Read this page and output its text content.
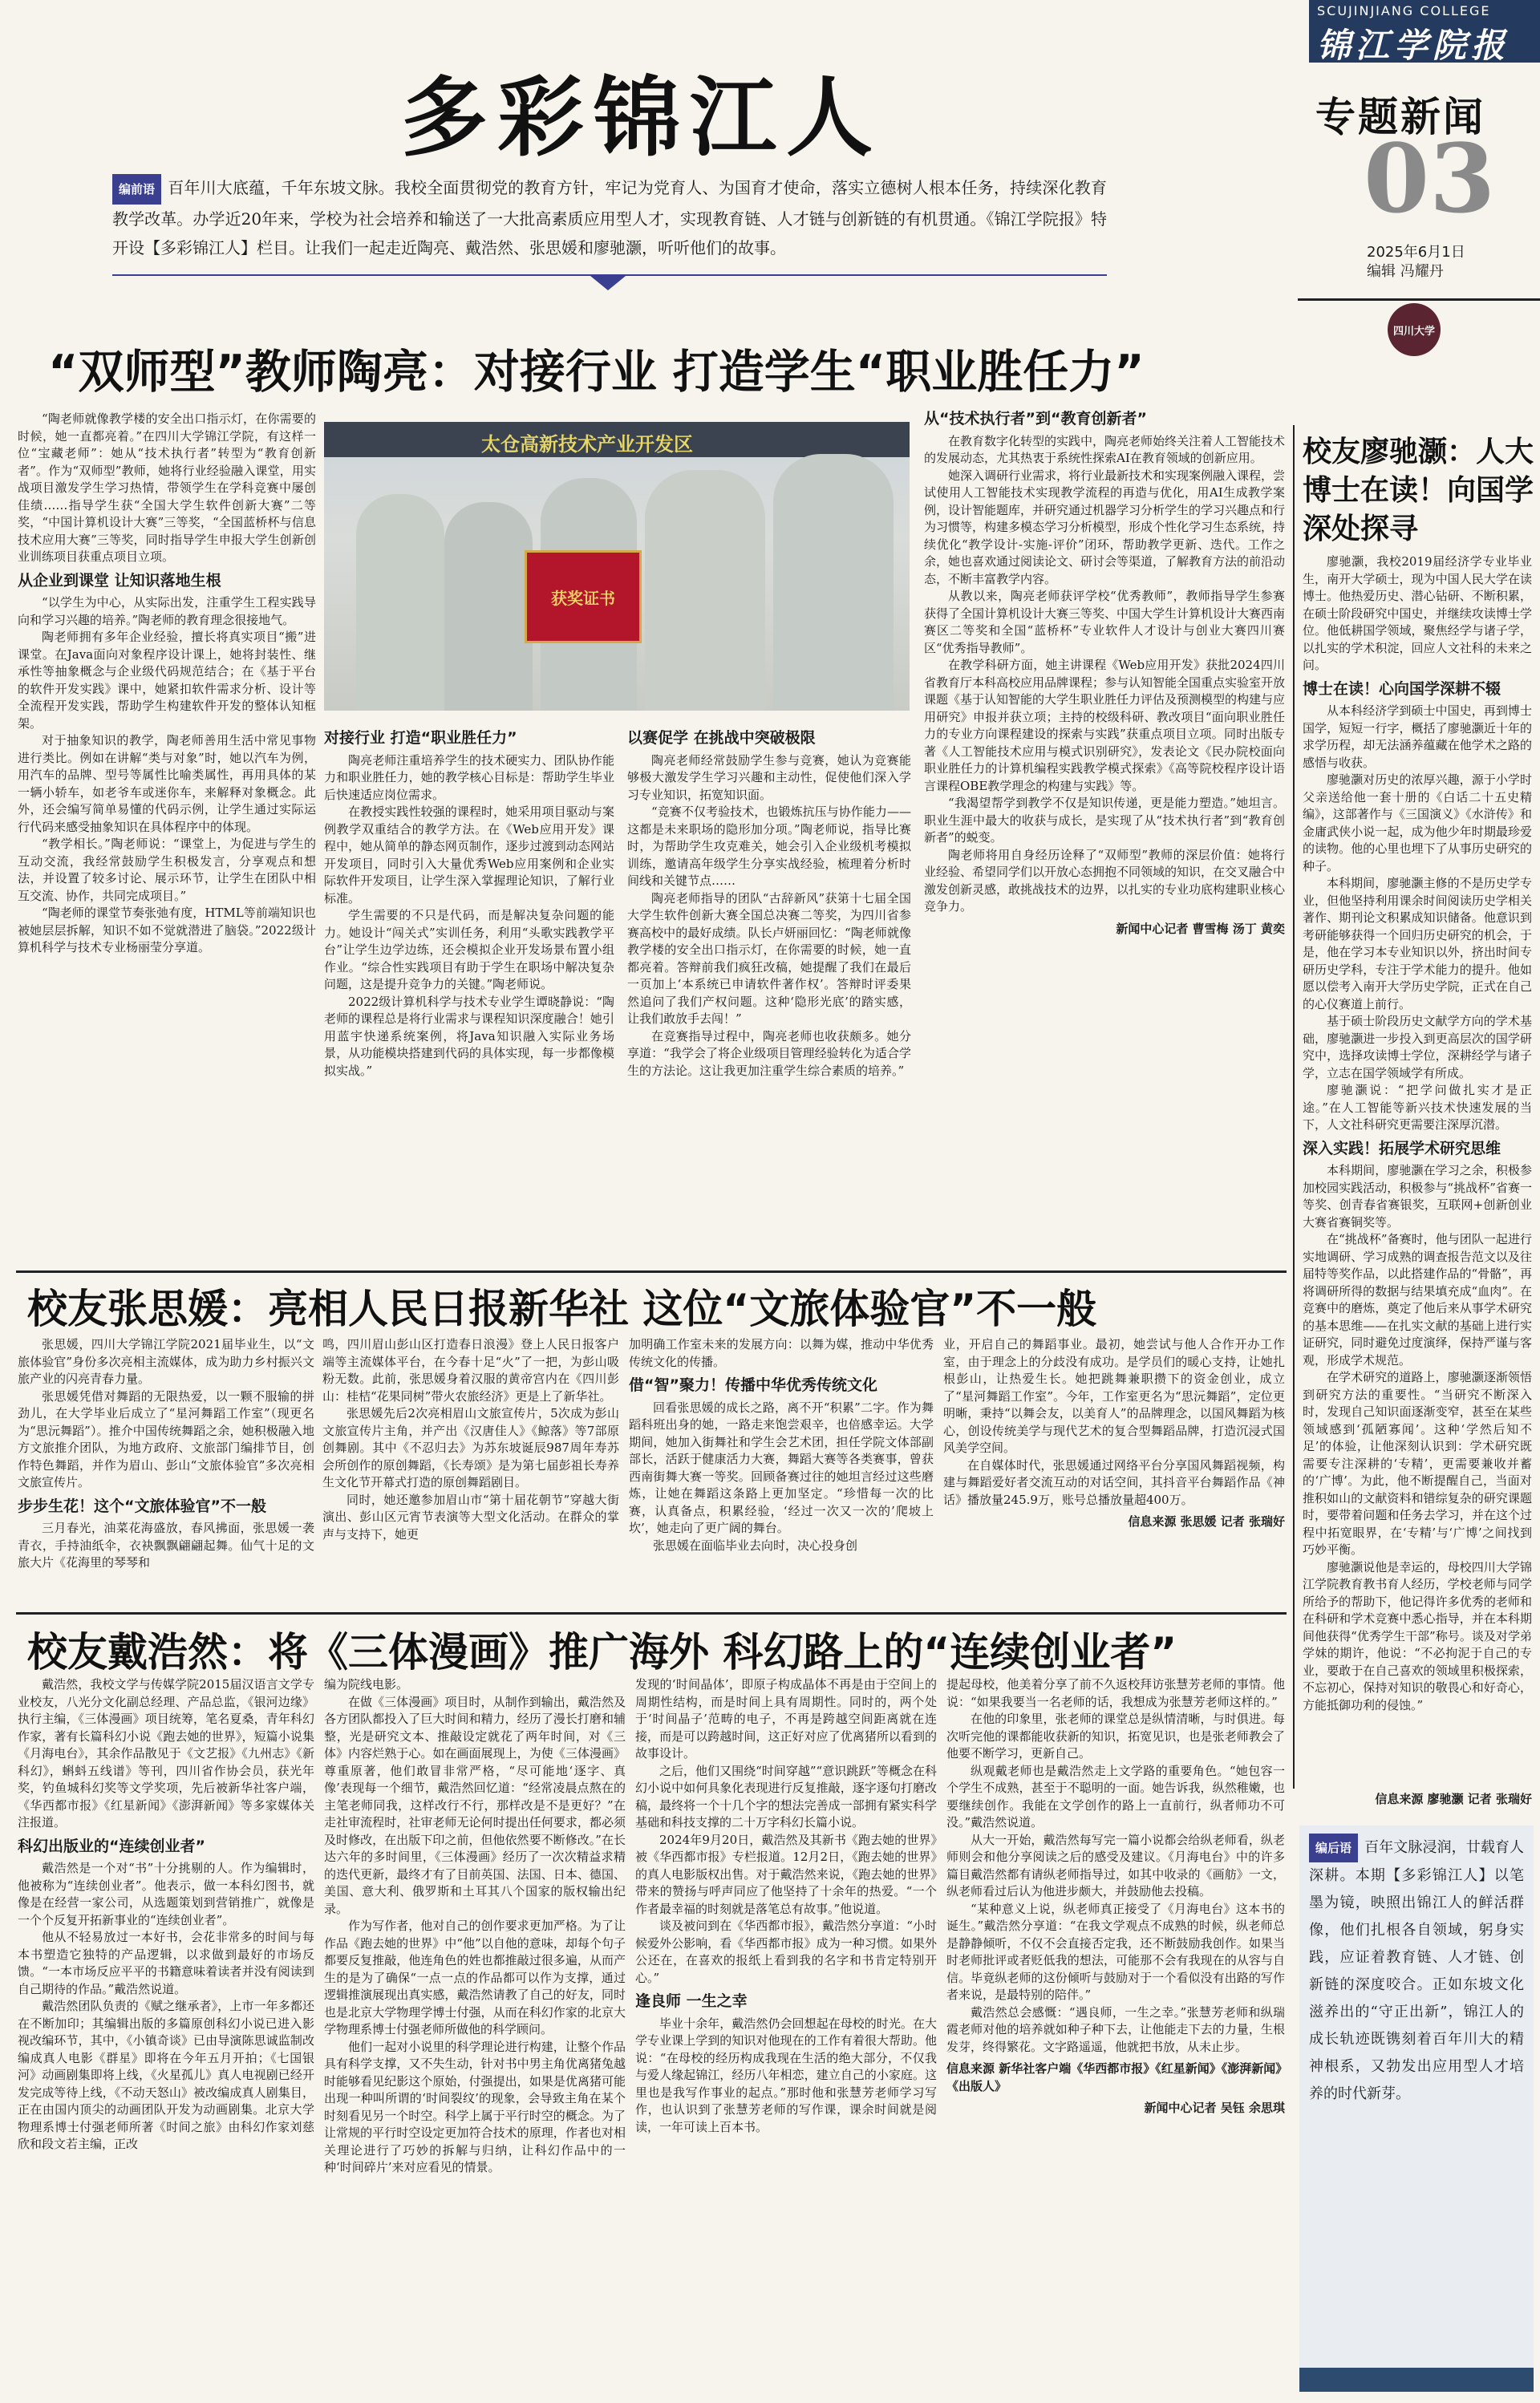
SCUJINJIANG COLLEGE
锦江学院报
专题新闻
03
2025年6月1日
编辑 冯耀丹
四川大学
多彩锦江人
编前语 百年川大底蕴，千年东坡文脉。我校全面贯彻党的教育方针，牢记为党育人、为国育才使命，落实立德树人根本任务，持续深化教育教学改革。办学近20年来，学校为社会培养和输送了一大批高素质应用型人才，实现教育链、人才链与创新链的有机贯通。《锦江学院报》特开设【多彩锦江人】栏目。让我们一起走近陶亮、戴浩然、张思媛和廖驰灏，听听他们的故事。
“双师型”教师陶亮：对接行业 打造学生“职业胜任力”

“陶老师就像教学楼的安全出口指示灯，在你需要的时候，她一直都亮着。”在四川大学锦江学院，有这样一位“宝藏老师”：她从“技术执行者”转型为“教育创新者”。作为“双师型”教师，她将行业经验融入课堂，用实战项目激发学生学习热情，带领学生在学科竞赛中屡创佳绩……指导学生获“全国大学生软件创新大赛”二等奖，“中国计算机设计大赛”三等奖，“全国蓝桥杯与信息技术应用大赛”三等奖，同时指导学生申报大学生创新创业训练项目获重点项目立项。

从企业到课堂 让知识落地生根

“以学生为中心，从实际出发，注重学生工程实践导向和学习兴趣的培养。”陶老师的教育理念很接地气。

陶老师拥有多年企业经验，擅长将真实项目“搬”进课堂。在Java面向对象程序设计课上，她将封装性、继承性等抽象概念与企业级代码规范结合；在《基于平台的软件开发实践》课中，她紧扣软件需求分析、设计等全流程开发实践，帮助学生构建软件开发的整体认知框架。

对于抽象知识的教学，陶老师善用生活中常见事物进行类比。例如在讲解“类与对象”时，她以汽车为例，用汽车的品牌、型号等属性比喻类属性，再用具体的某一辆小轿车，如老爷车或迷你车，来解释对象概念。此外，还会编写简单易懂的代码示例，让学生通过实际运行代码来感受抽象知识在具体程序中的体现。

“教学相长。”陶老师说：“课堂上，为促进与学生的互动交流，我经常鼓励学生积极发言，分享观点和想法，并设置了较多讨论、展示环节，让学生在团队中相互交流、协作，共同完成项目。”

“陶老师的课堂节奏张弛有度，HTML等前端知识也被她层层拆解，知识不如不觉就潜进了脑袋。”2022级计算机科学与技术专业杨丽莹分享道。

太仓高新技术产业开发区
获奖证书
对接行业 打造“职业胜任力”

陶亮老师注重培养学生的技术硬实力、团队协作能力和职业胜任力，她的教学核心目标是：帮助学生毕业后快速适应岗位需求。

在教授实践性较强的课程时，她采用项目驱动与案例教学双重结合的教学方法。在《Web应用开发》课程中，她从简单的静态网页制作，逐步过渡到动态网站开发项目，同时引入大量优秀Web应用案例和企业实际软件开发项目，让学生深入掌握理论知识，了解行业标准。

学生需要的不只是代码，而是解决复杂问题的能力。她设计“闯关式”实训任务，利用“头歌实践教学平台”让学生边学边练，还会模拟企业开发场景布置小组作业。“综合性实践项目有助于学生在职场中解决复杂问题，这是提升竞争力的关键。”陶老师说。

2022级计算机科学与技术专业学生谭晓静说：“陶老师的课程总是将行业需求与课程知识深度融合！她引用蓝宇快递系统案例，将Java知识融入实际业务场景，从功能模块搭建到代码的具体实现，每一步都像模拟实战。”

以赛促学 在挑战中突破极限

陶亮老师经常鼓励学生参与竞赛，她认为竞赛能够极大激发学生学习兴趣和主动性，促使他们深入学习专业知识，拓宽知识面。

“竞赛不仅考验技术，也锻炼抗压与协作能力——这都是未来职场的隐形加分项。”陶老师说，指导比赛时，为帮助学生攻克难关，她会引入企业级机考模拟训练，邀请高年级学生分享实战经验，梳理着分析时间线和关键节点……

陶亮老师指导的团队“古辞新风”获第十七届全国大学生软件创新大赛全国总决赛二等奖，为四川省参赛高校中的最好成绩。队长卢妍丽回忆：“陶老师就像教学楼的安全出口指示灯，在你需要的时候，她一直都亮着。答辩前我们疯狂改稿，她提醒了我们在最后一页加上‘本系统已申请软件著作权’。答辩时评委果然追问了我们产权问题。这种‘隐形光底’的踏实感，让我们敢放手去闯！”

在竞赛指导过程中，陶亮老师也收获颇多。她分享道：“我学会了将企业级项目管理经验转化为适合学生的方法论。这让我更加注重学生综合素质的培养。”

从“技术执行者”到“教育创新者”

在教育数字化转型的实践中，陶亮老师始终关注着人工智能技术的发展动态，尤其热衷于系统性探索AI在教育领域的创新应用。

她深入调研行业需求，将行业最新技术和实现案例融入课程，尝试使用人工智能技术实现教学流程的再造与优化，用AI生成教学案例，设计智能题库，并研究通过机器学习分析学生的学习兴趣点和行为习惯等，构建多模态学习分析模型，形成个性化学习生态系统，持续优化“教学设计-实施-评价”闭环，帮助教学更新、迭代。工作之余，她也喜欢通过阅读论文、研讨会等渠道，了解教育方法的前沿动态，不断丰富教学内容。

从教以来，陶亮老师获评学校“优秀教师”，教师指导学生参赛获得了全国计算机设计大赛三等奖、中国大学生计算机设计大赛西南赛区二等奖和全国“蓝桥杯”专业软件人才设计与创业大赛四川赛区“优秀指导教师”。

在教学科研方面，她主讲课程《Web应用开发》获批2024四川省教育厅本科高校应用品牌课程；参与认知智能全国重点实验室开放课题《基于认知智能的大学生职业胜任力评估及预测模型的构建与应用研究》申报并获立项；主持的校级科研、教改项目“面向职业胜任力的专业方向课程建设的探索与实践”获重点项目立项。同时出版专著《人工智能技术应用与模式识别研究》，发表论文《民办院校面向职业胜任力的计算机编程实践教学模式探索》《高等院校程序设计语言课程OBE教学理念的构建与实践》等。

“我渴望帮学到教学不仅是知识传递，更是能力塑造。”她坦言。职业生涯中最大的收获与成长，是实现了从“技术执行者”到“教育创新者”的蜕变。

陶老师将用自身经历诠释了“双师型”教师的深层价值：她将行业经验、希望同学们以开放心态拥抱不同领域的知识，在交叉融合中激发创新灵感，敢挑战技术的边界，以扎实的专业功底构建职业核心竞争力。

新闻中心记者 曹雪梅 汤丁 黄奕
校友张思媛：亮相人民日报新华社 这位“文旅体验官”不一般

张思媛，四川大学锦江学院2021届毕业生，以“文旅体验官”身份多次亮相主流媒体，成为助力乡村振兴文旅产业的闪亮青春力量。

张思媛凭借对舞蹈的无限热爱，以一颗不服输的拼劲儿，在大学毕业后成立了“星河舞蹈工作室”（现更名为“思沅舞蹈”）。推介中国传统舞蹈之余，她积极融入地方文旅推介团队，为地方政府、文旅部门编排节目，创作特色舞蹈，并作为眉山、彭山“文旅体验官”多次亮相文旅宣传片。

步步生花！这个“文旅体验官”不一般

三月春光，油菜花海盛放，春风拂面，张思媛一袭青衣，手持油纸伞，衣袂飘飘翩翩起舞。仙气十足的文旅大片《花海里的琴琴和

鸣，四川眉山彭山区打造春日浪漫》登上人民日报客户端等主流媒体平台，在今春十足“火”了一把，为彭山吸粉无数。此前，张思媛身着汉服的黄帝宫内在《四川彭山：桂桔“花果同树”带火农旅经济》更是上了新华社。

张思媛先后2次亮相眉山文旅宣传片，5次成为彭山文旅宣传片主角，并产出《汉唐佳人》《鲸落》等7部原创舞剧。其中《不忍归去》为苏东坡诞辰987周年寿苏会所创作的原创舞蹈，《长寿颂》是为第七届彭祖长寿养生文化节开幕式打造的原创舞蹈剧目。

同时，她还邀参加眉山市“第十届花朝节”穿越大街演出、彭山区元宵节表演等大型文化活动。在群众的掌声与支持下，她更

加明确工作室未来的发展方向：以舞为媒，推动中华优秀传统文化的传播。

借“智”聚力！传播中华优秀传统文化

回看张思媛的成长之路，离不开“积累”二字。作为舞蹈科班出身的她，一路走来饱尝艰辛，也倍感幸运。大学期间，她加入街舞社和学生会艺术团，担任学院文体部副部长，活跃于健康活力大赛，舞蹈大赛等各类赛事，曾获西南街舞大赛一等奖。回顾备赛过往的她坦言经过这些磨炼，让她在舞蹈这条路上更加坚定。“珍惜每一次的比赛，认真备点，积累经验，‘经过一次又一次的’爬坡上坎’，她走向了更广阔的舞台。

张思媛在面临毕业去向时，决心投身创

业，开启自己的舞蹈事业。最初，她尝试与他人合作开办工作室，由于理念上的分歧没有成功。是学员们的暖心支持，让她扎根彭山，让热爱生长。她把跳舞兼职攒下的资金创业，成立了“星河舞蹈工作室”。今年，工作室更名为“思沅舞蹈”，定位更明晰，秉持“以舞会友，以美育人”的品牌理念，以国风舞蹈为核心，创设传统美学与现代艺术的复合型舞蹈品牌，打造沉浸式国风美学空间。

在自媒体时代，张思媛通过网络平台分享国风舞蹈视频，构建与舞蹈爱好者交流互动的对话空间，其抖音平台舞蹈作品《神话》播放量245.9万，账号总播放量超400万。

信息来源 张思媛 记者 张瑞好
校友戴浩然：将《三体漫画》推广海外 科幻路上的“连续创业者”

戴浩然，我校文学与传媒学院2015届汉语言文学专业校友，八光分文化副总经理、产品总监，《银河边缘》执行主编，《三体漫画》项目统筹，笔名夏桑，青年科幻作家，著有长篇科幻小说《跑去她的世界》，短篇小说集《月海电台》，其余作品散见于《文艺报》《九州志》《新科幻》，蝌蚪五线谱》等刊，四川省作协会员，获光年奖，钓鱼城科幻奖等文学奖项，先后被新华社客户端，《华西都市报》《红星新闻》《澎湃新闻》等多家媒体关注报道。

科幻出版业的“连续创业者”

戴浩然是一个对“书”十分挑剔的人。作为编辑时，他被称为“连续创业者”。他表示，做一本科幻图书，就像是在经营一家公司，从选题策划到营销推广，就像是一个个反复开拓新事业的“连续创业者”。

他从不轻易放过一本好书，会花非常多的时间与每本书塑造它独特的产品逻辑，以求做到最好的市场反馈。“一本市场反应平平的书籍意味着读者并没有阅读到自己期待的作品。”戴浩然说道。

戴浩然团队负责的《赋之继承者》，上市一年多都还在不断加印；其编辑出版的多篇原创科幻小说已进入影视改编环节，其中，《小镇奇谈》已由导演陈思诚监制改编成真人电影《群星》即将在今年五月开拍；《七国银河》动画剧集即将上线，《火星孤儿》真人电视剧已经开发完成等待上线，《不动天怒山》被改编成真人剧集目，正在由国内顶尖的动画团队开发为动画剧集。北京大学物理系博士付强老师所著《时间之旅》由科幻作家刘慈欣和段文若主编，正改

编为院线电影。

在做《三体漫画》项目时，从制作到输出，戴浩然及各方团队都投入了巨大时间和精力，经历了漫长打磨和辅整，光是研究文本、推敲设定就花了两年时间，对《三体》内容烂熟于心。如在画面展现上，为使《三体漫画》尊重原著，他们敢冒非常严格，“尽可能地‘逐字、真像’表现每一个细节，戴浩然回忆道：“经常凌晨点熬在的主笔老师同我，这样改行不行，那样改是不是更好？”在走社审流程时，社审老师无论何时提出任何要求，都必须及时修改，在出版下印之前，但他依然要不断修改。”在长达六年的多时间里，《三体漫画》经历了一次次精益求精的迭代更新，最终才有了目前英国、法国、日本、德国、美国、意大利、俄罗斯和土耳其八个国家的版权输出纪录。

作为写作者，他对自己的创作要求更加严格。为了让作品《跑去她的世界》中“他”以自他的意味，却每个句子都要反复推敲，他连角色的姓也都推敲过很多遍，从而产生的是为了确保“一点一点的作品都可以作为支撑，通过逻辑推演展现出真实感，戴浩然请教了自己的好友，同时也是北京大学物理学博士付强，从而在科幻作家的北京大学物理系博士付强老师所做他的科学顾问。

他们一起对小说里的科学理论进行构建，让整个作品具有科学支撑，又不失生动，针对书中男主角优离猪兔越时能够看见纪影这个原始，付强提出，如果是优离猪可能出现一种叫所谓的‘时间裂纹’的现象，会导致主角在某个时刻看见另一个时空。科学上属于平行时空的概念。为了让常规的平行时空设定更加符合技术的原理，作者也对相关理论进行了巧妙的拆解与归纳，让科幻作品中的一种‘时间碎片’来对应看见的情景。

发现的‘时间晶体’，即原子构成晶体不再是由于空间上的周期性结构，而是时间上具有周期性。同时的，两个处于‘时间晶子’范畴的电子，不再是跨越空间距离就在连接，而是可以跨越时间，这正好对应了优离猪所以看到的故事设计。

之后，他们又围绕“时间穿越”“意识跳跃”等概念在科幻小说中如何具象化表现进行反复推敲，逐字逐句打磨改稿，最终将一个十几个字的想法完善成一部拥有紧实科学基础和科技支撑的二十万字科幻长篇小说。

2024年9月20日，戴浩然及其新书《跑去她的世界》被《华西都市报》专栏报道。12月2日，《跑去她的世界》的真人电影版权出售。对于戴浩然来说，《跑去她的世界》带来的赞扬与呼声同应了他坚持了十余年的热爱。“一个作者最幸福的时刻就是落笔总有故事。”他说道。

谈及被问到在《华西都市报》，戴浩然分享道：“小时候爱外公影响，看《华西都市报》成为一种习惯。如果外公还在，在喜欢的报纸上看到我的名字和书肯定特别开心。”

逢良师 一生之幸

毕业十余年，戴浩然仍会回想起在母校的时光。在大学专业课上学到的知识对他现在的工作有着很大帮助。他说：“在母校的经历构成我现在生活的绝大部分，不仅我与爱人缘起锦江，经历八年相恋，建立自己的小家庭。这里也是我写作事业的起点。”那时他和张慧芳老师学习写作，也认识到了张慧芳老师的写作课，课余时间就是阅读，一年可读上百本书。

提起母校，他美着分享了前不久返校拜访张慧芳老师的事情。他说：“如果我要当一名老师的话，我想成为张慧芳老师这样的。”

在他的印象里，张老师的课堂总是纵情清晰，与时俱进。每次听完他的课都能收获新的知识，拓宽见识，也是张老师教会了他要不断学习，更新自己。

纵观戴老师也是戴浩然走上文学路的重要角色。“她包容一个学生不成熟，甚至于不聪明的一面。她告诉我，纵然稚嫩，也要继续创作。我能在文学创作的路上一直前行，纵者师功不可没。”戴浩然说道。

从大一开始，戴浩然每写完一篇小说都会给纵老师看，纵老师则会和他分享阅读之后的感受及建议。《月海电台》中的许多篇目戴浩然都有请纵老师指导过，如其中收录的《画舫》一文，纵老师看过后认为他进步颇大，并鼓励他去投稿。

“某种意义上说，纵老师真正接受了《月海电台》这本书的诞生。”戴浩然分享道：“在我文学观点不成熟的时候，纵老师总是静静倾听，不仅不会直接否定我，还不断鼓励我创作。如果当时老师批评或者贬低我的想法，可能那不会有我现在的从容与自信。毕竟纵老师的这份倾听与鼓励对于一个看似没有出路的写作者来说，是最特别的陪伴。”

戴浩然总会感慨：“遇良师，一生之幸。”张慧芳老师和纵瑞霞老师对他的培养就如种子种下去，让他能走下去的力量，生根发芽，终得繁花。文字路遥遥，他就把书放，从未止步。

信息来源 新华社客户端《华西都市报》《红星新闻》《澎湃新闻》《出版人》
新闻中心记者 吴钰 余思琪
校友廖驰灏：人大博士在读！向国学深处探寻

廖驰灏，我校2019届经济学专业毕业生，南开大学硕士，现为中国人民大学在读博士。他热爱历史、潜心钻研、不断积累，在硕士阶段研究中国史，并继续攻读博士学位。他低耕国学领域，聚焦经学与诸子学，以扎实的学术积淀，回应人文社科的未来之问。

博士在读！心向国学深耕不辍

从本科经济学到硕士中国史，再到博士国学，短短一行字，概括了廖驰灏近十年的求学历程，却无法涵养蕴藏在他学术之路的感悟与收获。

廖驰灏对历史的浓厚兴趣，源于小学时父亲送给他一套十册的《白话二十五史精编》，这部著作与《三国演义》《水浒传》和金庸武侠小说一起，成为他少年时期最珍爱的读物。他的心里也埋下了从事历史研究的种子。

本科期间，廖驰灏主修的不是历史学专业，但他坚持利用课余时间阅读历史学相关著作、期刊论文积累成知识储备。他意识到考研能够获得一个回归历史研究的机会，于是，他在学习本专业知识以外，挤出时间专研历史学科，专注于学术能力的提升。他如愿以偿考入南开大学历史学院，正式在自己的心仪赛道上前行。

基于硕士阶段历史文献学方向的学术基础，廖驰灏进一步投入到更高层次的国学研究中，选择攻读博士学位，深耕经学与诸子学，立志在国学领域学有所成。

廖驰灏说：“把学问做扎实才是正途。”在人工智能等新兴技术快速发展的当下，人文社科研究更需要注深厚沉潜。

深入实践！拓展学术研究思维

本科期间，廖驰灏在学习之余，积极参加校园实践活动，积极参与“挑战杯”省赛一等奖、创青春省赛银奖，互联网+创新创业大赛省赛铜奖等。

在“挑战杯”备赛时，他与团队一起进行实地调研、学习成熟的调查报告范文以及往届特等奖作品，以此搭建作品的“骨骼”，再将调研所得的数据与结果填充成“血肉”。在竞赛中的磨炼，奠定了他后来从事学术研究的基本思维——在扎实文献的基础上进行实证研究，同时避免过度演绎，保持严谨与客观，形成学术规范。

在学术研究的道路上，廖驰灏逐渐领悟到研究方法的重要性。“当研究不断深入时，发现自己知识面逐渐变窄，甚至在某些领域感到‘孤陋寡闻’。这种‘学然后知不足’的体验，让他深刻认识到：学术研究既需要专注深耕的‘专精’，更需要兼收并蓄的‘广博’。为此，他不断提醒自己，当面对推积如山的文献资料和错综复杂的研究课题时，要带着问题和任务去学习，并在这个过程中拓宽眼界，在‘专精’与‘广博’之间找到巧妙平衡。

廖驰灏说他是幸运的，母校四川大学锦江学院教育教书育人经历，学校老师与同学所给予的帮助下，他记得许多优秀的老师和在科研和学术竞赛中悉心指导，并在本科期间他获得“优秀学生干部”称号。谈及对学弟学妹的期许，他说：“不必拘泥于自己的专业，要敢于在自己喜欢的领域里积极探索，不忘初心，保持对知识的敬畏心和好奇心，方能抵御功利的侵蚀。”

信息来源 廖驰灏 记者 张瑞好
编后语 百年文脉浸润，廿载育人深耕。本期【多彩锦江人】以笔墨为镜，映照出锦江人的鲜活群像，他们扎根各自领域，躬身实践，应证着教育链、人才链、创新链的深度咬合。正如东坡文化滋养出的“守正出新”，锦江人的成长轨迹既镌刻着百年川大的精神根系，又勃发出应用型人才培养的时代新芽。
